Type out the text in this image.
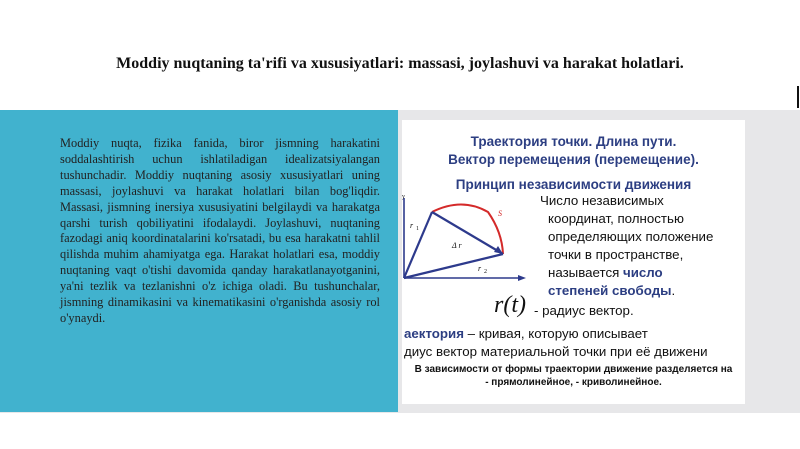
Moddiy nuqtaning ta'rifi va xususiyatlari: massasi, joylashuvi va harakat holatlari.
Moddiy nuqta, fizika fanida, biror jismning harakatini soddalashtirish uchun ishlatiladigan idealizatsiyalangan tushunchadir. Moddiy nuqtaning asosiy xususiyatlari uning massasi, joylashuvi va harakat holatlari bilan bog'liqdir. Massasi, jismning inersiya xususiyatini belgilaydi va harakatga qarshi turish qobiliyatini ifodalaydi. Joylashuvi, nuqtaning fazodagi aniq koordinatalarini ko'rsatadi, bu esa harakatni tahlil qilishda muhim ahamiyatga ega. Harakat holatlari esa, moddiy nuqtaning vaqt o'tishi davomida qanday harakatlanayotganini, ya'ni tezlik va tezlanishni o'z ichiga oladi. Bu tushunchalar, jismning dinamikasini va kinematikasini o'rganishda asosiy rol o'ynaydi.
Траектория точки. Длина пути.
Вектор перемещения (перемещение).
Принцип независимости движения
r 1
r 2
Δ r
S
y	Число независимых
координат, полностью
определяющих положение
точки в пространстве,
называется число
степеней свободы.
r(t) - радиус вектор.
аектория – кривая, которую описывает
диус вектор материальной точки при её движени
В зависимости от формы траектории движение разделяется на
- прямолинейное, - криволинейное.
